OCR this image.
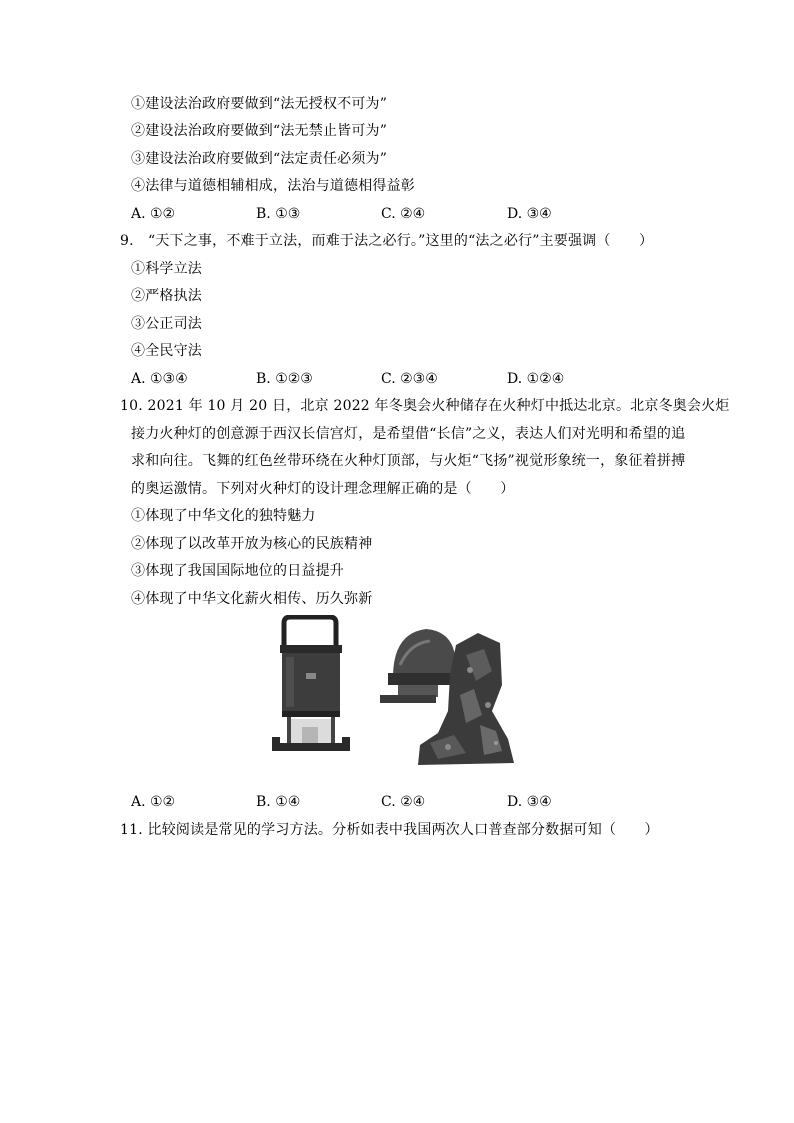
①建设法治政府要做到“法无授权不可为”
②建设法治政府要做到“法无禁止皆可为”
③建设法治政府要做到“法定责任必须为”
④法律与道德相辅相成，法治与道德相得益彰
A. ①②	B. ①③	C. ②④	D. ③④
9.　“天下之事，不难于立法，而难于法之必行。”这里的“法之必行”主要强调（　　）
①科学立法
②严格执法
③公正司法
④全民守法
A. ①③④	B. ①②③	C. ②③④	D. ①②④
10. 2021 年 10 月 20 日，北京 2022 年冬奥会火种储存在火种灯中抵达北京。北京冬奥会火炬
接力火种灯的创意源于西汉长信宫灯，是希望借“长信”之义，表达人们对光明和希望的追
求和向往。飞舞的红色丝带环绕在火种灯顶部，与火炬“飞扬”视觉形象统一，象征着拼搏
的奥运激情。下列对火种灯的设计理念理解正确的是（　　）
①体现了中华文化的独特魅力
②体现了以改革开放为核心的民族精神
③体现了我国国际地位的日益提升
④体现了中华文化薪火相传、历久弥新
A. ①②	B. ①④	C. ②④	D. ③④
11. 比较阅读是常见的学习方法。分析如表中我国两次人口普查部分数据可知（　　）
